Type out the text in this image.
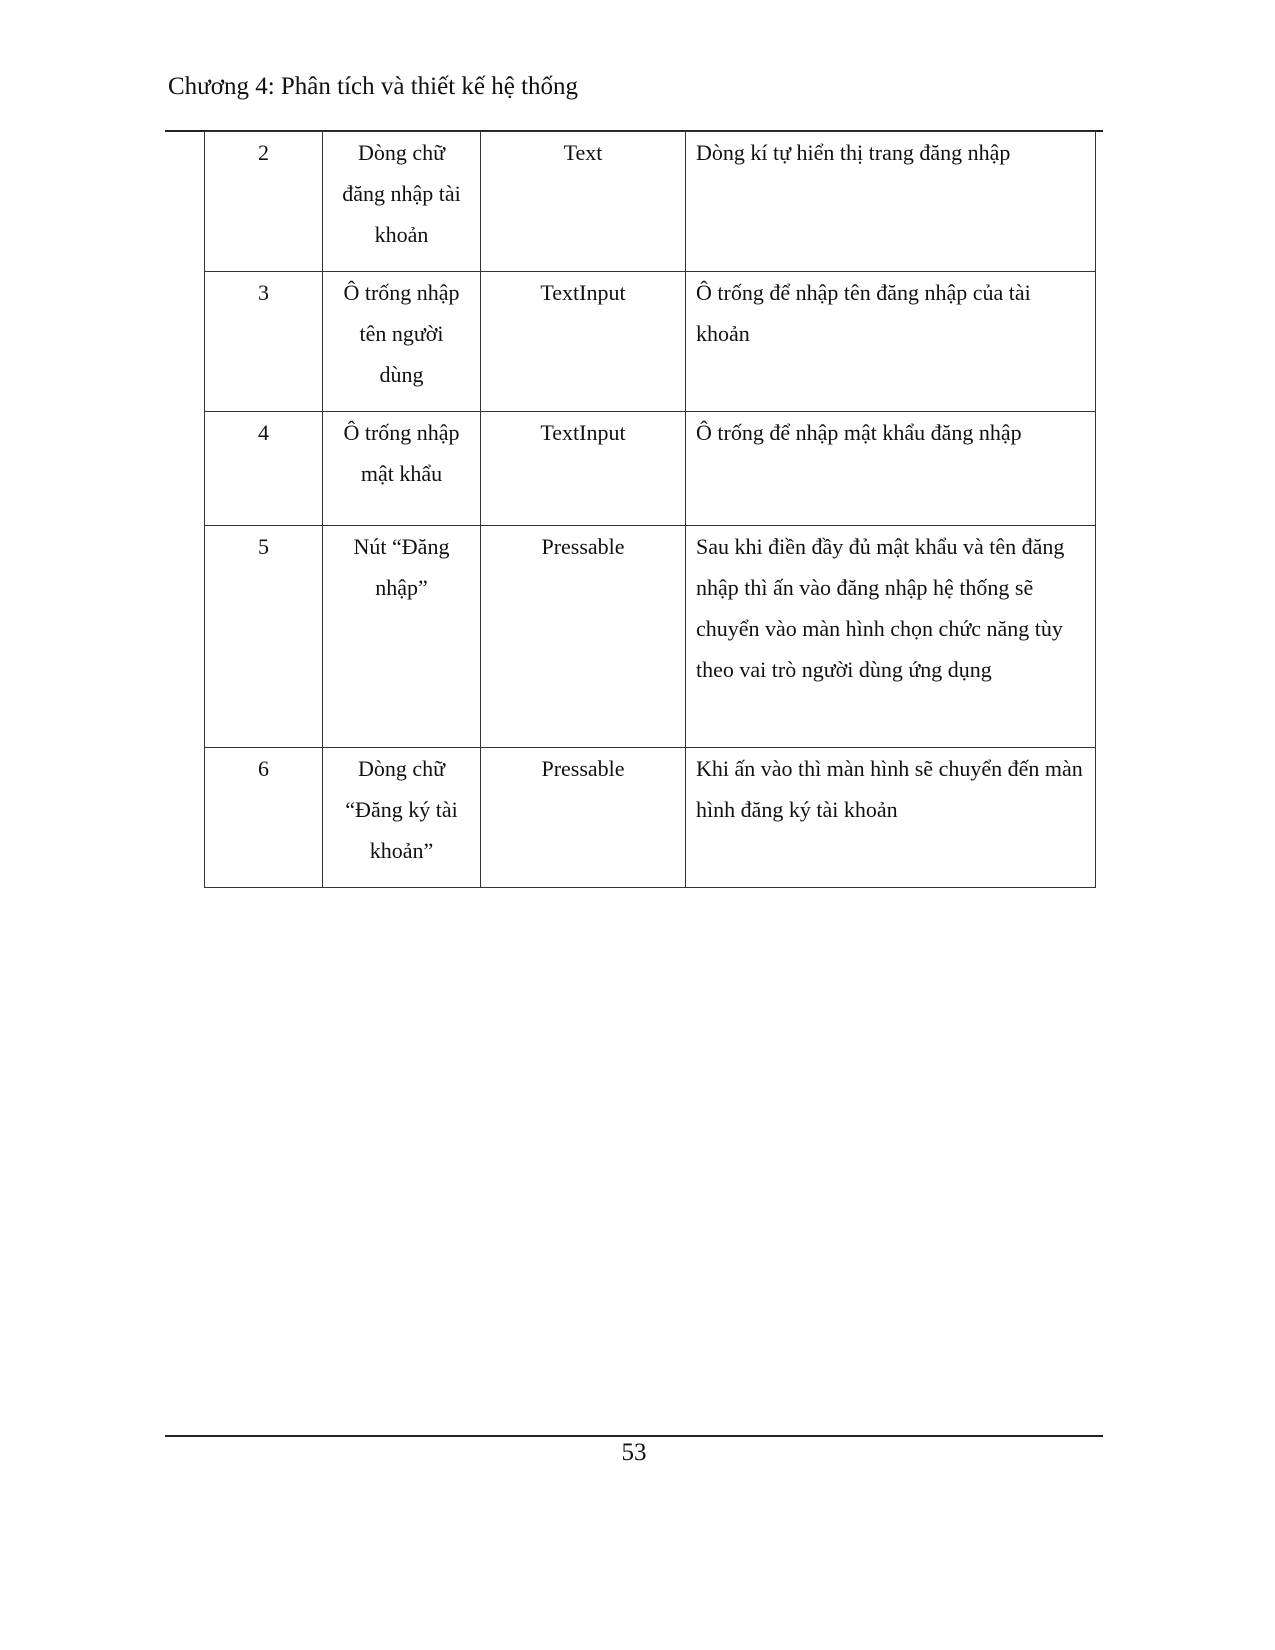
Chương 4: Phân tích và thiết kế hệ thống
2	Dòng chữ đăng nhập tài khoản	Text	Dòng kí tự hiển thị trang đăng nhập
3	Ô trống nhập tên người dùng	TextInput	Ô trống để nhập tên đăng nhập của tài khoản
4	Ô trống nhập mật khẩu	TextInput	Ô trống để nhập mật khẩu đăng nhập
5	Nút “Đăng nhập”	Pressable	Sau khi điền đầy đủ mật khẩu và tên đăng nhập thì ấn vào đăng nhập hệ thống sẽ chuyển vào màn hình chọn chức năng tùy theo vai trò người dùng ứng dụng
6	Dòng chữ “Đăng ký tài khoản”	Pressable	Khi ấn vào thì màn hình sẽ chuyển đến màn hình đăng ký tài khoản
53
